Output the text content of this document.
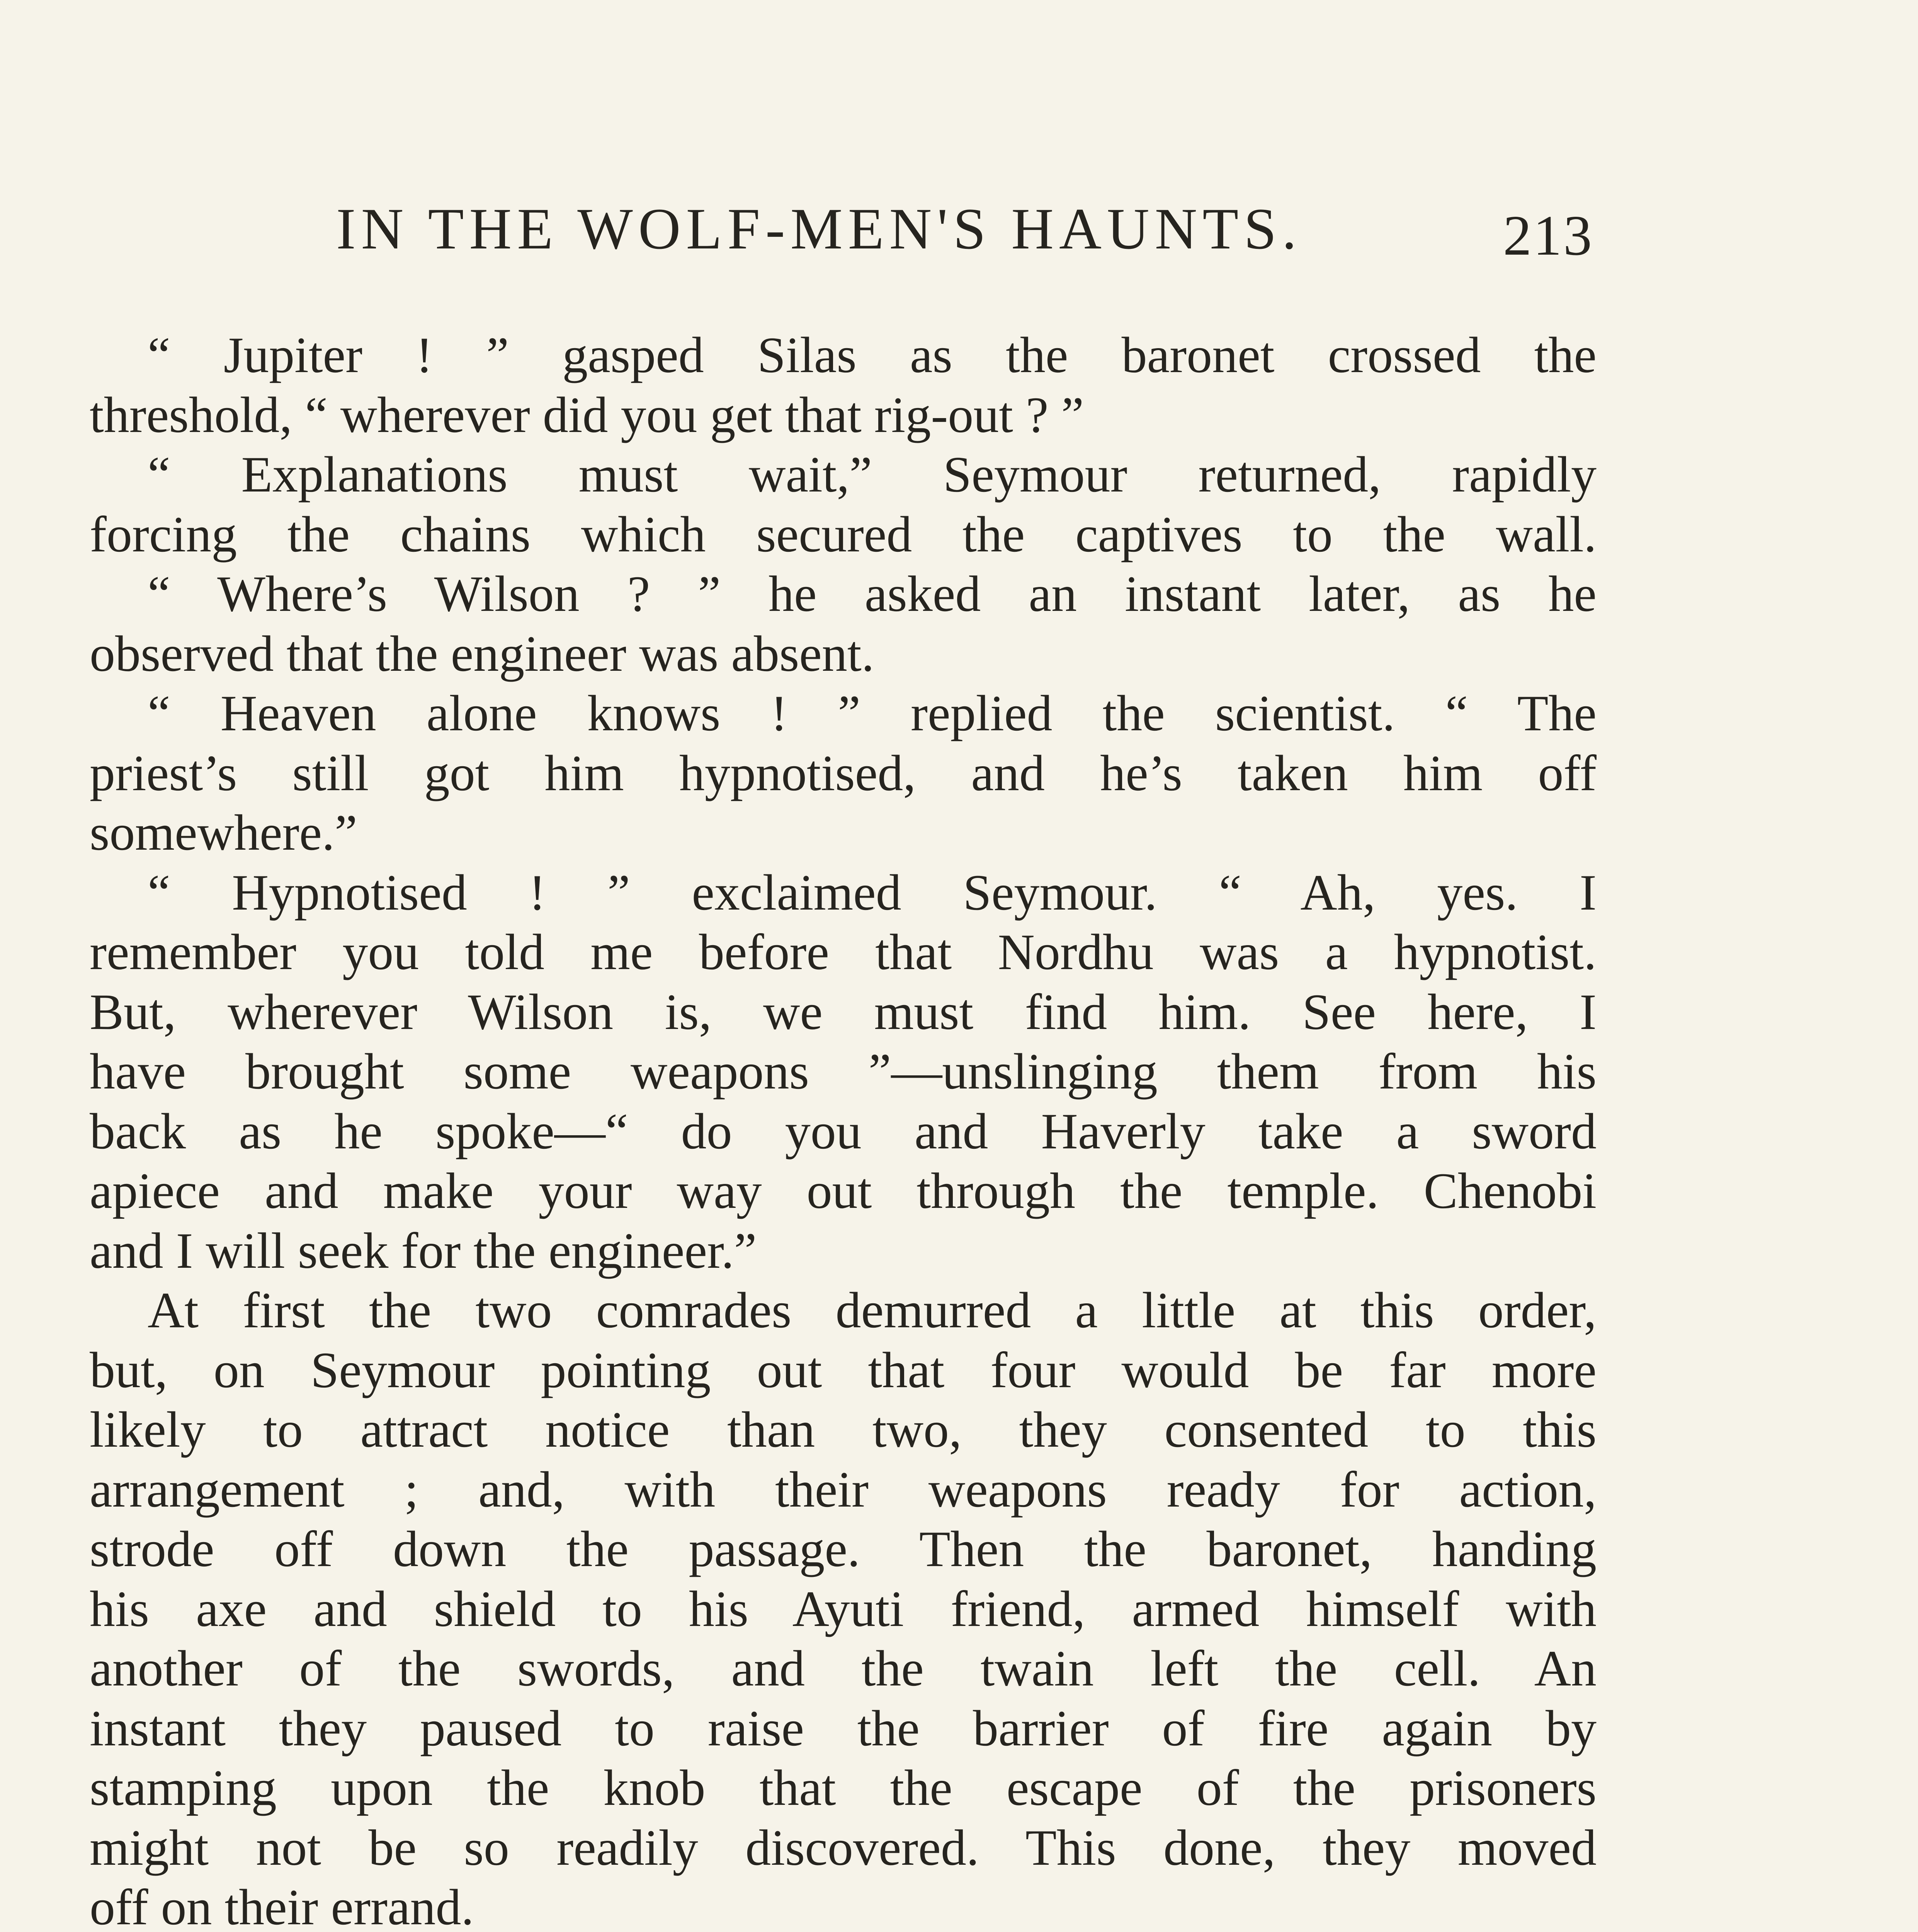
IN THE WOLF-MEN'S HAUNTS.	213
“ Jupiter ! ” gasped Silas as the baronet crossed the
threshold, “ wherever did you get that rig-out ? ”
“ Explanations must wait,” Seymour returned, rapidly
forcing the chains which secured the captives to the wall.
“ Where’s Wilson ? ” he asked an instant later, as he
observed that the engineer was absent.
“ Heaven alone knows ! ” replied the scientist. “ The
priest’s still got him hypnotised, and he’s taken him off
somewhere.”
“ Hypnotised ! ” exclaimed Seymour. “ Ah, yes. I
remember you told me before that Nordhu was a hypnotist.
But, wherever Wilson is, we must find him. See here, I
have brought some weapons ”—unslinging them from his
back as he spoke—“ do you and Haverly take a sword
apiece and make your way out through the temple. Chenobi
and I will seek for the engineer.”
At first the two comrades demurred a little at this order,
but, on Seymour pointing out that four would be far more
likely to attract notice than two, they consented to this
arrangement ; and, with their weapons ready for action,
strode off down the passage. Then the baronet, handing
his axe and shield to his Ayuti friend, armed himself with
another of the swords, and the twain left the cell. An
instant they paused to raise the barrier of fire again by
stamping upon the knob that the escape of the prisoners
might not be so readily discovered. This done, they moved
off on their errand.
